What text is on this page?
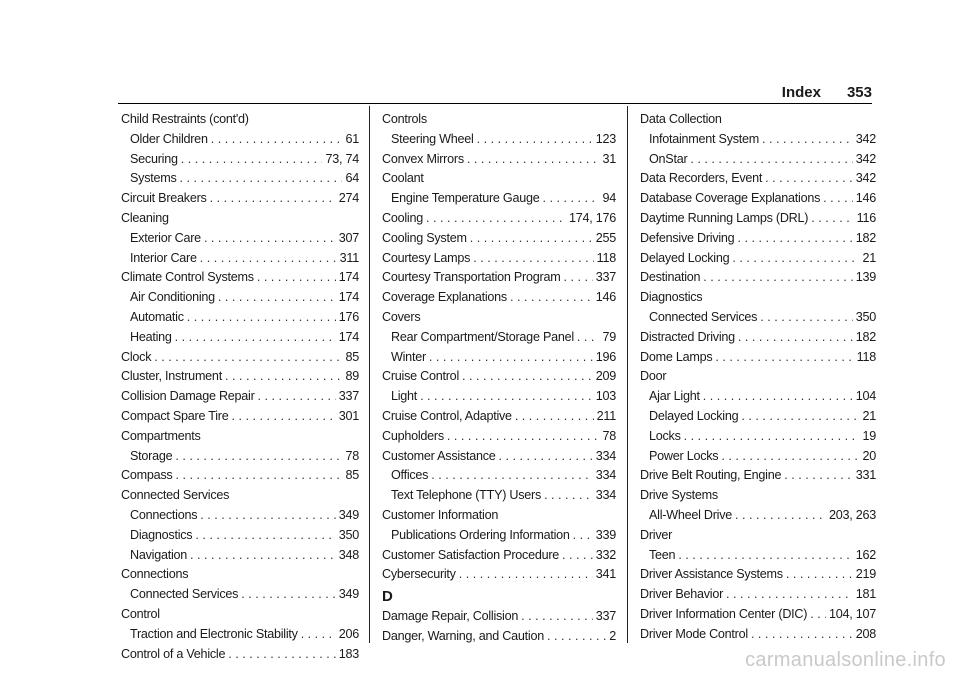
Index 353
Child Restraints (cont'd)
Older Children . . .	61
Securing . . .	73, 74
Systems . . .	64
Circuit Breakers . . .	274
Cleaning
Exterior Care . . .	307
Interior Care . . .	311
Climate Control Systems . . .	174
Air Conditioning . . .	174
Automatic . . .	176
Heating . . .	174
Clock . . .	85
Cluster, Instrument . . .	89
Collision Damage Repair . . .	337
Compact Spare Tire . . .	301
Compartments
Storage . . .	78
Compass . . .	85
Connected Services
Connections . . .	349
Diagnostics . . .	350
Navigation . . .	348
Connections
Connected Services . . .	349
Control
Traction and Electronic Stability . . .	206
Control of a Vehicle . . .	183
Controls
Steering Wheel . . .	123
Convex Mirrors . . .	31
Coolant
Engine Temperature Gauge . . .	94
Cooling . . .	174, 176
Cooling System . . .	255
Courtesy Lamps . . .	118
Courtesy Transportation Program . . .	337
Coverage Explanations . . .	146
Covers
Rear Compartment/Storage Panel . . . 79
Winter . . .	196
Cruise Control . . .	209
Light . . .	103
Cruise Control, Adaptive . . .	211
Cupholders . . .	78
Customer Assistance . . .	334
Offices . . .	334
Text Telephone (TTY) Users . . .	334
Customer Information
Publications Ordering Information . . . 339
Customer Satisfaction Procedure . . .	332
Cybersecurity . . .	341
D
Damage Repair, Collision . . .	337
Danger, Warning, and Caution . . .	2
Data Collection
Infotainment System . . .	342
OnStar . . .	342
Data Recorders, Event . . .	342
Database Coverage Explanations . . .	146
Daytime Running Lamps (DRL) . . .	116
Defensive Driving . . .	182
Delayed Locking . . .	21
Destination . . .	139
Diagnostics
Connected Services . . .	350
Distracted Driving . . .	182
Dome Lamps . . .	118
Door
Ajar Light . . .	104
Delayed Locking . . .	21
Locks . . .	19
Power Locks . . .	20
Drive Belt Routing, Engine . . .	331
Drive Systems
All-Wheel Drive . . .	203, 263
Driver
Teen . . .	162
Driver Assistance Systems . . .	219
Driver Behavior . . .	181
Driver Information Center (DIC) . . . 104, 107
Driver Mode Control . . .	208
carmanualsonline.info
